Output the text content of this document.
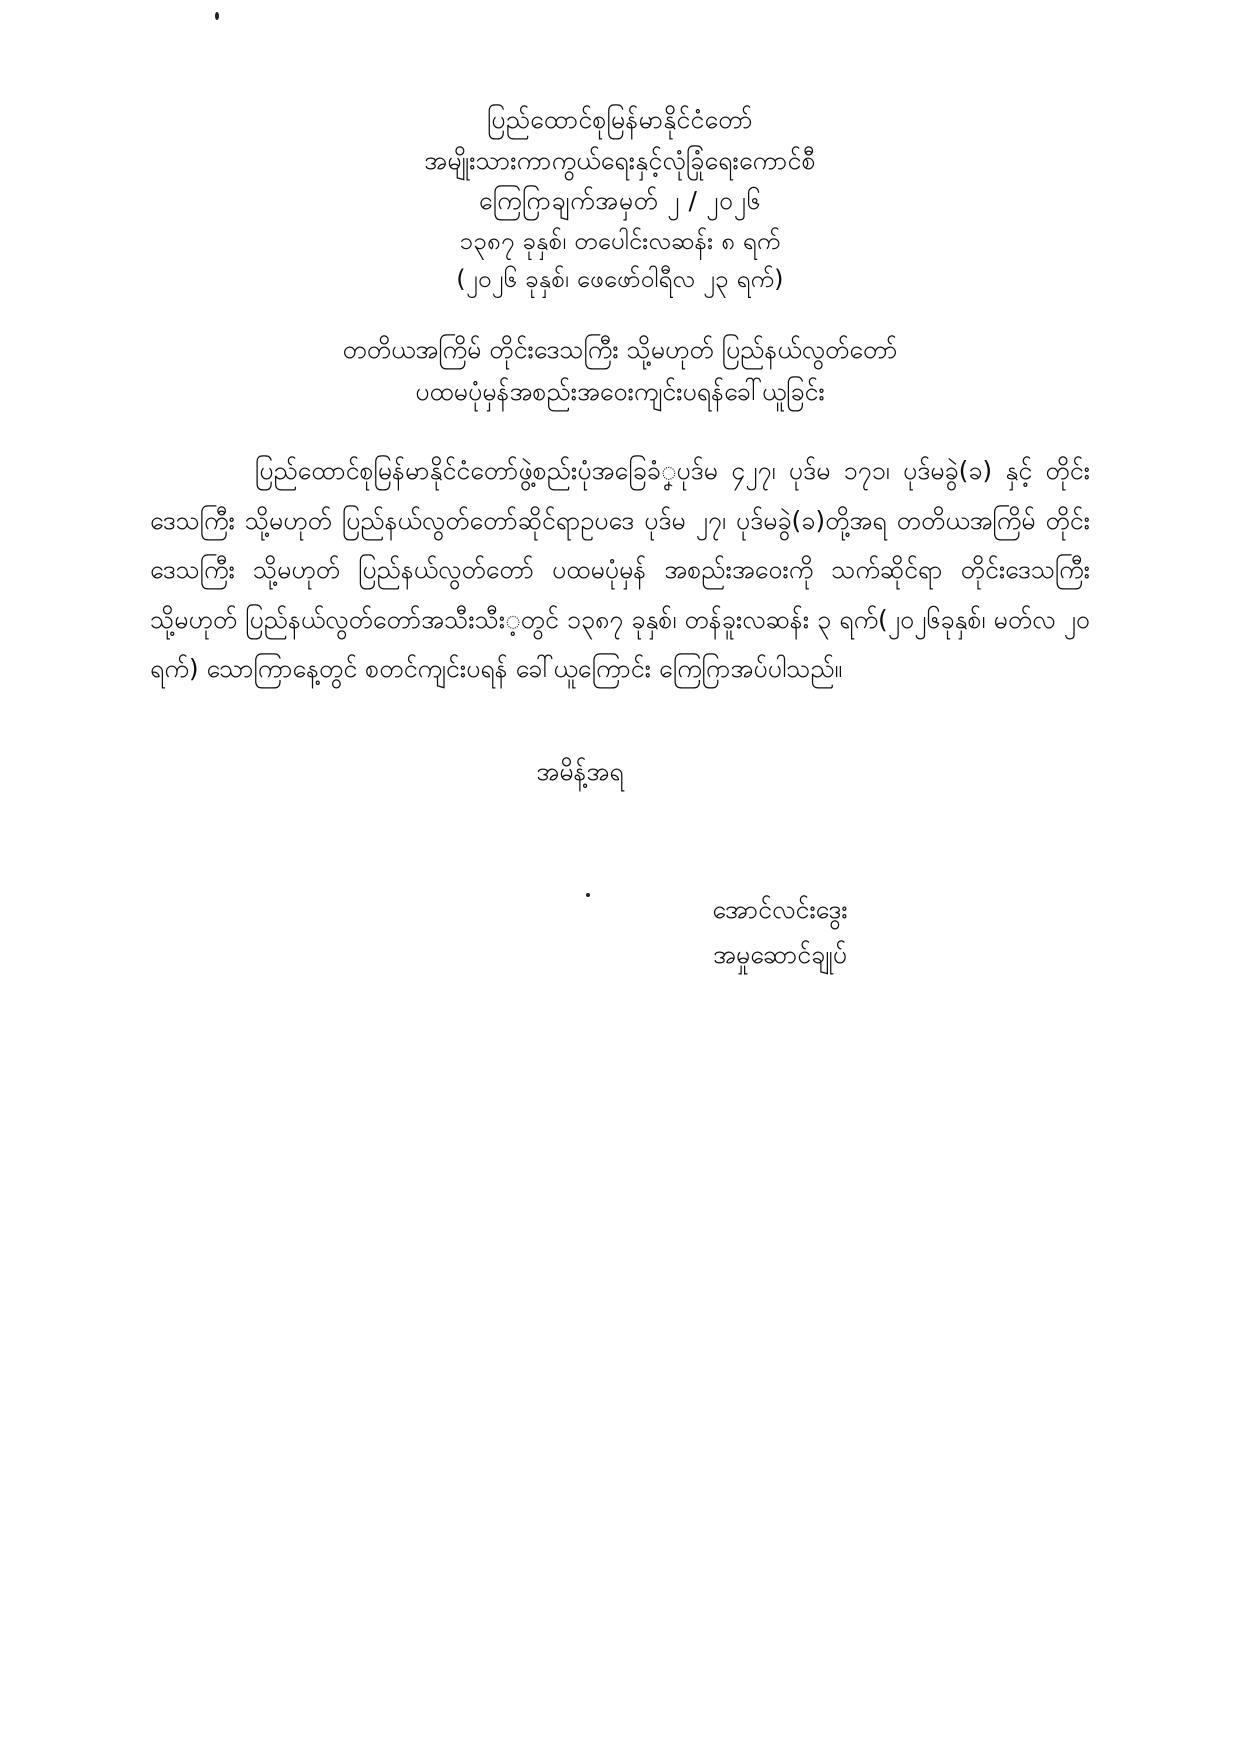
ပြည်ထောင်စုမြန်မာနိုင်ငံတော်
အမျိုးသားကာကွယ်ရေးနှင့်လုံခြုံရေးကောင်စီ
ကြေဂြာချက်အမှတ် ၂ / ၂၀၂၆
၁၃၈၇ ခုနှစ်၊ တပေါင်းလဆန်း ၈ ရက်
(၂၀၂၆ ခုနှစ်၊ ဖေဖော်ဝါရီလ ၂၃ ရက်)
တတိယအကြိမ် တိုင်းဒေသကြီး သို့မဟုတ် ပြည်နယ်လွတ်တော်
ပထမပုံမှန်အစည်းအဝေးကျင်းပရန်ခေါ်ယူခြင်း

ပြည်ထောင်စုမြန်မာနိုင်ငံတော်ဖွဲ့စည်းပုံအခြေခံၞပုဒ်မ ၄၂၇၊ ပုဒ်မ ၁၇၁၊ ပုဒ်မခွဲ(ခ) နှင့် တိုင်းဒေသကြီး သို့မဟုတ် ပြည်နယ်လွတ်တော်ဆိုင်ရာဥပဒေ ပုဒ်မ ၂၇၊ ပုဒ်မခွဲ(ခ)တို့အရ တတိယအကြိမ် တိုင်းဒေသကြီး သို့မဟုတ် ပြည်နယ်လွတ်တော် ပထမပုံမှန် အစည်းအဝေးကို သက်ဆိုင်ရာ တိုင်းဒေသကြီး သို့မဟုတ် ပြည်နယ်လွတ်တော်အသီးသီး့တွင် ၁၃၈၇ ခုနှစ်၊ တန်ခူးလဆန်း ၃ ရက်(၂၀၂၆ခုနှစ်၊ မတ်လ ၂၀ ရက်) သောကြာနေ့တွင် စတင်ကျင်းပရန် ခေါ်ယူကြောင်း ကြေဂြာအပ်ပါသည်။

အမိန့်အရ
အောင်လင်းဒွေး
အမှုဆောင်ချုပ်
